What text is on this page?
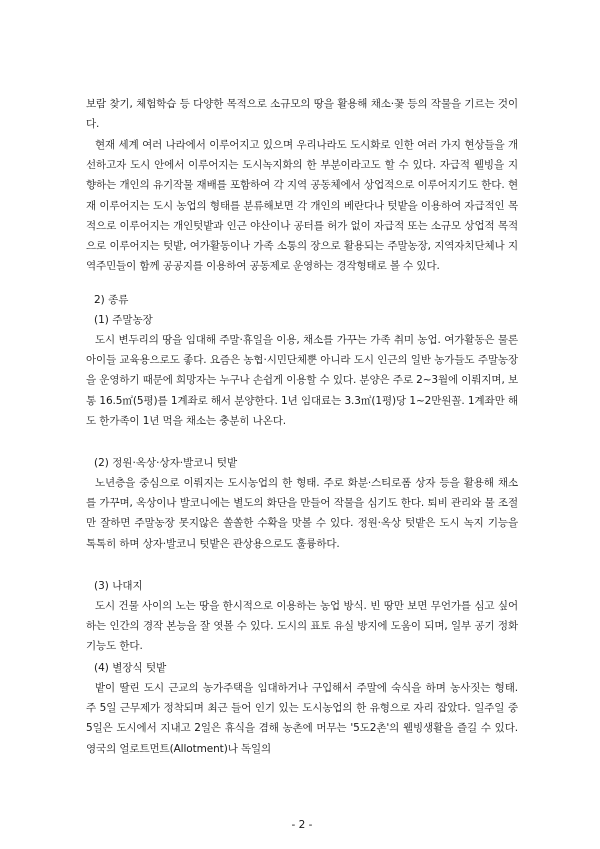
보람 찾기, 체험학습 등 다양한 목적으로 소규모의 땅을 활용해 채소·꽃 등의 작물을 기르는 것이다.

현재 세계 여러 나라에서 이루어지고 있으며 우리나라도 도시화로 인한 여러 가지 현상들을 개선하고자 도시 안에서 이루어지는 도시녹지화의 한 부분이라고도 할 수 있다. 자급적 웰빙을 지향하는 개인의 유기작물 재배를 포함하여 각 지역 공동체에서 상업적으로 이루어지기도 한다. 현재 이루어지는 도시 농업의 형태를 분류해보면 각 개인의 베란다나 텃밭을 이용하여 자급적인 목적으로 이루어지는 개인텃밭과 인근 야산이나 공터를 허가 없이 자급적 또는 소규모 상업적 목적으로 이루어지는 텃밭, 여가활동이나 가족 소통의 장으로 활용되는 주말농장, 지역자치단체나 지역주민들이 함께 공공지를 이용하여 공동제로 운영하는 경작형태로 볼 수 있다.

2) 종류

(1) 주말농장

도시 변두리의 땅을 임대해 주말·휴일을 이용, 채소를 가꾸는 가족 취미 농업. 여가활동은 물론 아이들 교육용으로도 좋다. 요즘은 농협·시민단체뿐 아니라 도시 인근의 일반 농가들도 주말농장을 운영하기 때문에 희망자는 누구나 손쉽게 이용할 수 있다. 분양은 주로 2~3월에 이뤄지며, 보통 16.5㎡(5평)를 1계좌로 해서 분양한다. 1년 임대료는 3.3㎡(1평)당 1~2만원꼴. 1계좌만 해도 한가족이 1년 먹을 채소는 충분히 나온다.

(2) 정원·옥상·상자·발코니 텃밭

노년층을 중심으로 이뤄지는 도시농업의 한 형태. 주로 화분·스티로폼 상자 등을 활용해 채소를 가꾸며, 옥상이나 발코니에는 별도의 화단을 만들어 작물을 심기도 한다. 퇴비 관리와 물 조절만 잘하면 주말농장 못지않은 쏠쏠한 수확을 맛볼 수 있다. 정원·옥상 텃밭은 도시 녹지 기능을 톡톡히 하며 상자·발코니 텃밭은 관상용으로도 훌륭하다.

(3) 나대지

도시 건물 사이의 노는 땅을 한시적으로 이용하는 농업 방식. 빈 땅만 보면 무언가를 심고 싶어하는 인간의 경작 본능을 잘 엿볼 수 있다. 도시의 표토 유실 방지에 도움이 되며, 일부 공기 정화 기능도 한다.

(4) 별장식 텃밭

밭이 딸린 도시 근교의 농가주택을 임대하거나 구입해서 주말에 숙식을 하며 농사짓는 형태. 주 5일 근무제가 정착되며 최근 들어 인기 있는 도시농업의 한 유형으로 자리 잡았다. 일주일 중 5일은 도시에서 지내고 2일은 휴식을 겸해 농촌에 머무는 '5도2촌'의 웰빙생활을 즐길 수 있다. 영국의 얼로트먼트(Allotment)나 독일의

- 2 -
